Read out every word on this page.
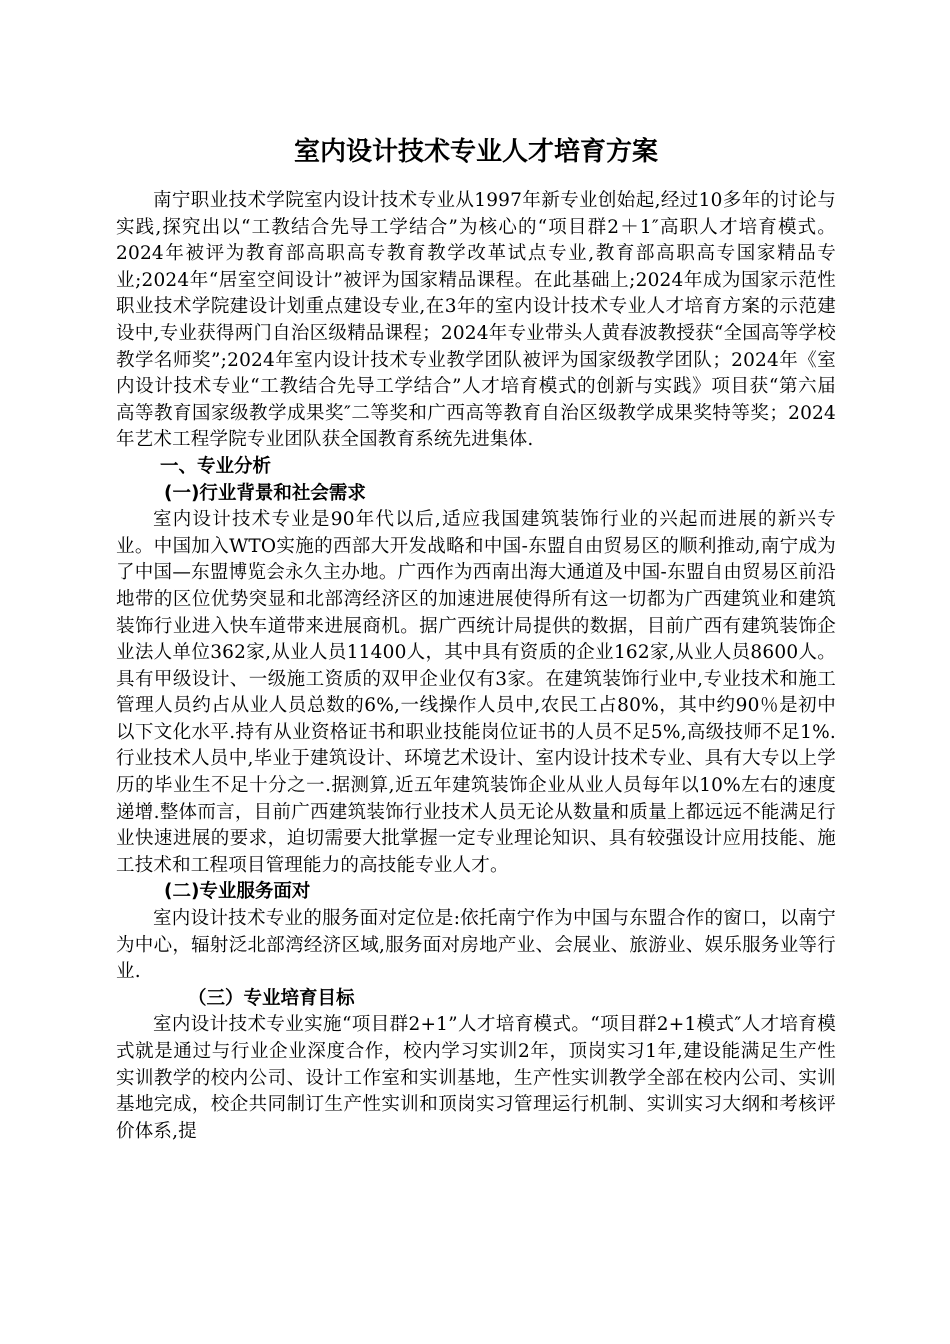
室内设计技术专业人才培育方案

南宁职业技术学院室内设计技术专业从1997年新专业创始起,经过10多年的讨论与实践,探究出以“工教结合先导工学结合”为核心的“项目群2＋1″高职人才培育模式。2024年被评为教育部高职高专教育教学改革试点专业,教育部高职高专国家精品专业;2024年“居室空间设计”被评为国家精品课程。在此基础上;2024年成为国家示范性职业技术学院建设计划重点建设专业,在3年的室内设计技术专业人才培育方案的示范建设中,专业获得两门自治区级精品课程；2024年专业带头人黄春波教授获“全国高等学校教学名师奖”;2024年室内设计技术专业教学团队被评为国家级教学团队；2024年《室内设计技术专业“工教结合先导工学结合”人才培育模式的创新与实践》项目获“第六届高等教育国家级教学成果奖″二等奖和广西高等教育自治区级教学成果奖特等奖；2024年艺术工程学院专业团队获全国教育系统先进集体.

一、专业分析

(一)行业背景和社会需求

室内设计技术专业是90年代以后,适应我国建筑装饰行业的兴起而进展的新兴专业。中国加入WTO实施的西部大开发战略和中国-东盟自由贸易区的顺利推动,南宁成为了中国—东盟博览会永久主办地。广西作为西南出海大通道及中国-东盟自由贸易区前沿地带的区位优势突显和北部湾经济区的加速进展使得所有这一切都为广西建筑业和建筑装饰行业进入快车道带来进展商机。据广西统计局提供的数据，目前广西有建筑装饰企业法人单位362家,从业人员11400人，其中具有资质的企业162家,从业人员8600人。具有甲级设计、一级施工资质的双甲企业仅有3家。在建筑装饰行业中,专业技术和施工管理人员约占从业人员总数的6%,一线操作人员中,农民工占80%，其中约90％是初中以下文化水平.持有从业资格证书和职业技能岗位证书的人员不足5%,高级技师不足1%.行业技术人员中,毕业于建筑设计、环境艺术设计、室内设计技术专业、具有大专以上学历的毕业生不足十分之一.据测算,近五年建筑装饰企业从业人员每年以10%左右的速度递增.整体而言，目前广西建筑装饰行业技术人员无论从数量和质量上都远远不能满足行业快速进展的要求，迫切需要大批掌握一定专业理论知识、具有较强设计应用技能、施工技术和工程项目管理能力的高技能专业人才。

(二)专业服务面对

室内设计技术专业的服务面对定位是:依托南宁作为中国与东盟合作的窗口，以南宁为中心，辐射泛北部湾经济区域,服务面对房地产业、会展业、旅游业、娱乐服务业等行业.

（三）专业培育目标

室内设计技术专业实施“项目群2+1”人才培育模式。“项目群2+1模式″人才培育模式就是通过与行业企业深度合作，校内学习实训2年，顶岗实习1年,建设能满足生产性实训教学的校内公司、设计工作室和实训基地，生产性实训教学全部在校内公司、实训基地完成，校企共同制订生产性实训和顶岗实习管理运行机制、实训实习大纲和考核评价体系,提
